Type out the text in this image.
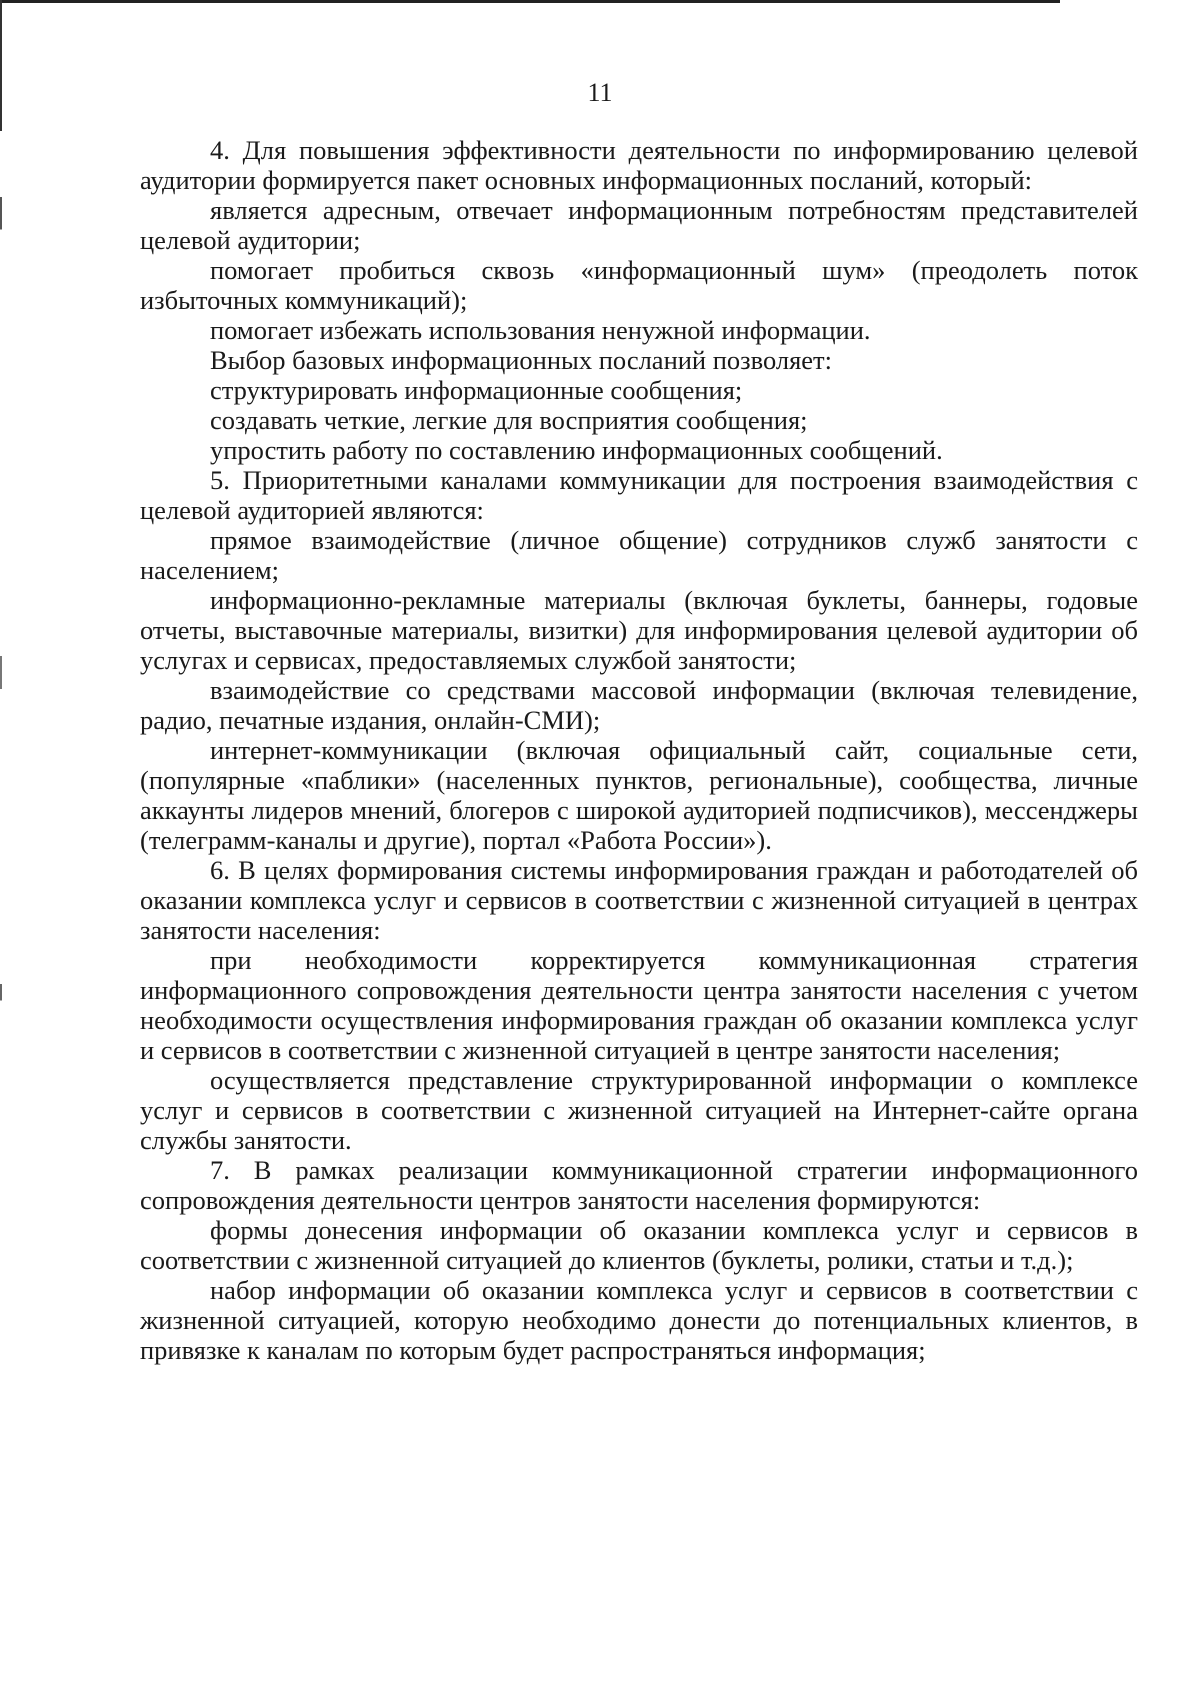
11

4. Для повышения эффективности деятельности по информированию целевой аудитории формируется пакет основных информационных посланий, который:

является адресным, отвечает информационным потребностям представителей целевой аудитории;

помогает пробиться сквозь «информационный шум» (преодолеть поток избыточных коммуникаций);

помогает избежать использования ненужной информации.

Выбор базовых информационных посланий позволяет:

структурировать информационные сообщения;

создавать четкие, легкие для восприятия сообщения;

упростить работу по составлению информационных сообщений.

5. Приоритетными каналами коммуникации для построения взаимодействия с целевой аудиторией являются:

прямое взаимодействие (личное общение) сотрудников служб занятости с населением;

информационно-рекламные материалы (включая буклеты, баннеры, годовые отчеты, выставочные материалы, визитки) для информирования целевой аудитории об услугах и сервисах, предоставляемых службой занятости;

взаимодействие со средствами массовой информации (включая телевидение, радио, печатные издания, онлайн-СМИ);

интернет-коммуникации (включая официальный сайт, социальные сети, (популярные «паблики» (населенных пунктов, региональные), сообщества, личные аккаунты лидеров мнений, блогеров с широкой аудиторией подписчиков), мессенджеры (телеграмм-каналы и другие), портал «Работа России»).

6. В целях формирования системы информирования граждан и работодателей об оказании комплекса услуг и сервисов в соответствии с жизненной ситуацией в центрах занятости населения:

при необходимости корректируется коммуникационная стратегия информационного сопровождения деятельности центра занятости населения с учетом необходимости осуществления информирования граждан об оказании комплекса услуг и сервисов в соответствии с жизненной ситуацией в центре занятости населения;

осуществляется представление структурированной информации о комплексе услуг и сервисов в соответствии с жизненной ситуацией на Интернет-сайте органа службы занятости.

7. В рамках реализации коммуникационной стратегии информационного сопровождения деятельности центров занятости населения формируются:

формы донесения информации об оказании комплекса услуг и сервисов в соответствии с жизненной ситуацией до клиентов (буклеты, ролики, статьи и т.д.);

набор информации об оказании комплекса услуг и сервисов в соответствии с жизненной ситуацией, которую необходимо донести до потенциальных клиентов, в привязке к каналам по которым будет распространяться информация;
